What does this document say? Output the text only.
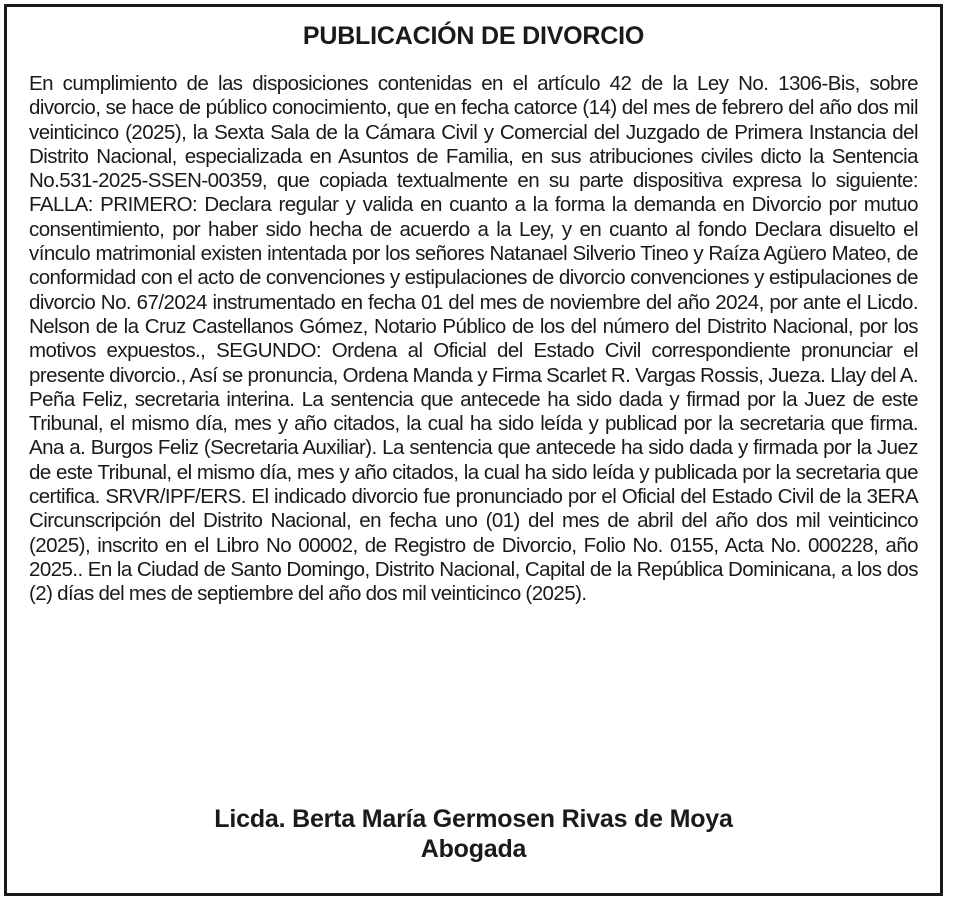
PUBLICACIÓN DE DIVORCIO

En cumplimiento de las disposiciones contenidas en el artículo 42 de la Ley No. 1306-Bis, sobre divorcio, se hace de público conocimiento, que en fecha catorce (14) del mes de febrero del año dos mil veinticinco (2025), la Sexta Sala de la Cámara Civil y Comercial del Juzgado de Primera Instancia del Distrito Nacional, especializada en Asuntos de Familia, en sus atribuciones civiles dicto la Sentencia No.531-2025-SSEN-00359, que copiada textualmente en su parte dispositiva expresa lo siguiente: FALLA: PRIMERO: Declara regular y valida en cuanto a la forma la demanda en Divorcio por mutuo consentimiento, por haber sido hecha de acuerdo a la Ley, y en cuanto al fondo Declara disuelto el vínculo matrimonial existen intentada por los señores Natanael Silverio Tineo y Raíza Agüero Mateo, de conformidad con el acto de convenciones y estipulaciones de divorcio convenciones y estipulaciones de divorcio No. 67/2024 instrumentado en fecha 01 del mes de noviembre del año 2024, por ante el Licdo. Nelson de la Cruz Castellanos Gómez, Notario Público de los del número del Distrito Nacional, por los motivos expuestos., SEGUNDO: Ordena al Oficial del Estado Civil correspondiente pronunciar el presente divorcio., Así se pronuncia, Ordena Manda y Firma Scarlet R. Vargas Rossis, Jueza. Llay del A. Peña Feliz, secretaria interina. La sentencia que antecede ha sido dada y firmad por la Juez de este Tribunal, el mismo día, mes y año citados, la cual ha sido leída y publicad por la secretaria que firma. Ana a. Burgos Feliz (Secretaria Auxiliar). La sentencia que antecede ha sido dada y firmada por la Juez de este Tribunal, el mismo día, mes y año citados, la cual ha sido leída y publicada por la secretaria que certifica. SRVR/IPF/ERS. El indicado divorcio fue pronunciado por el Oficial del Estado Civil de la 3ERA Circunscripción del Distrito Nacional, en fecha uno (01) del mes de abril del año dos mil veinticinco (2025), inscrito en el Libro No 00002, de Registro de Divorcio, Folio No. 0155, Acta No. 000228, año 2025.. En la Ciudad de Santo Domingo, Distrito Nacional, Capital de la República Dominicana, a los dos (2) días del mes de septiembre del año dos mil veinticinco (2025).

Licda. Berta María Germosen Rivas de Moya
Abogada
